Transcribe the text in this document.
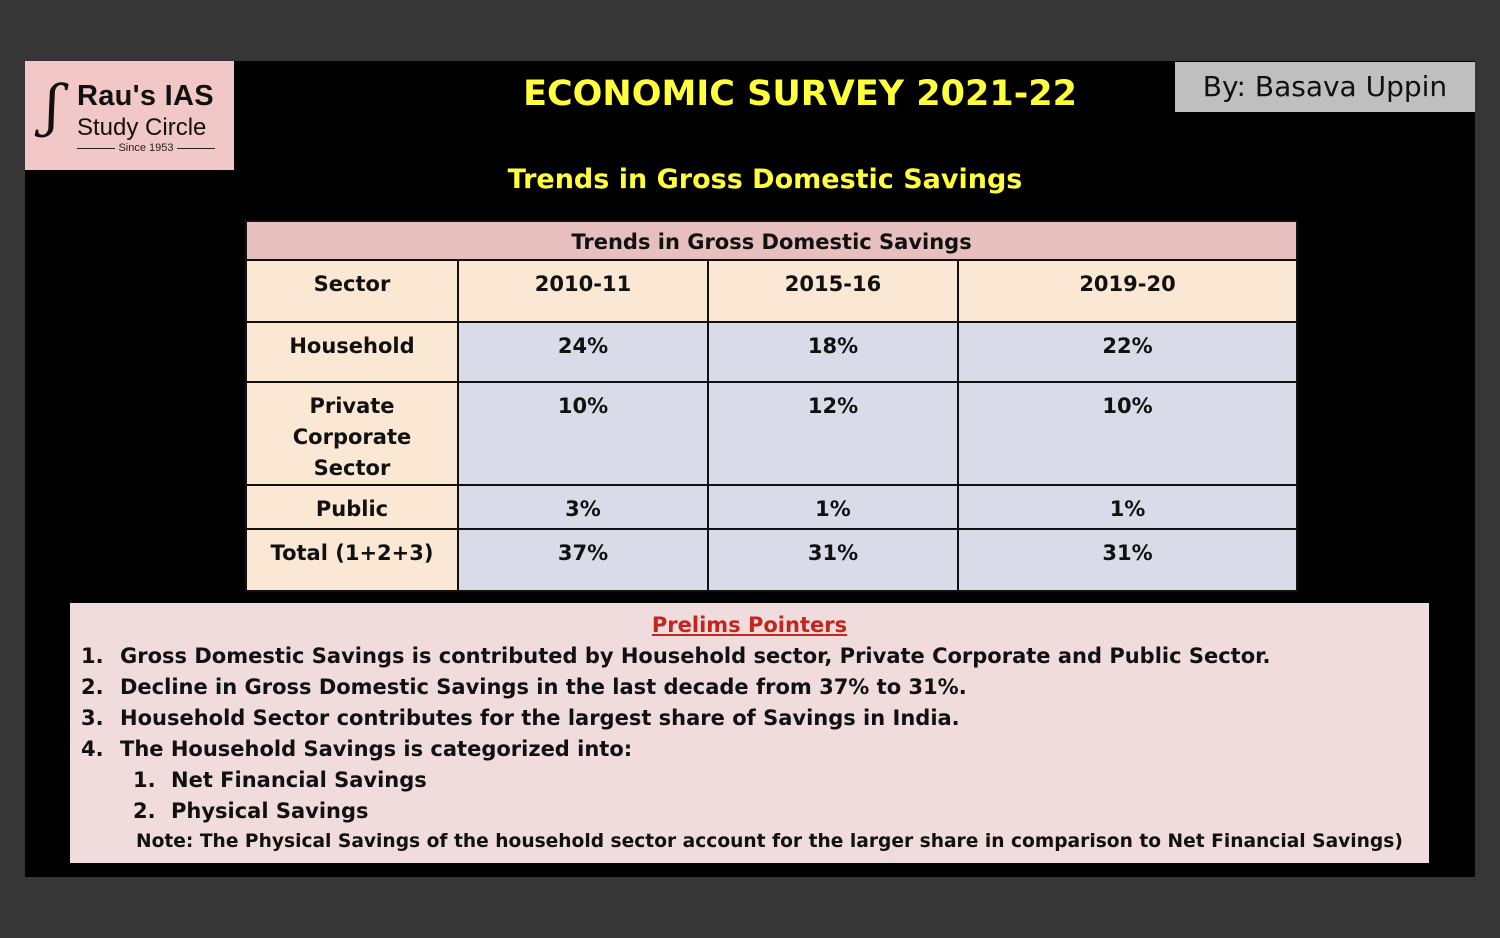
ʃ Rau's IAS
Study Circle
Since 1953
ECONOMIC SURVEY 2021-22	By: Basava Uppin
Trends in Gross Domestic Savings
Trends in Gross Domestic Savings			
Sector	2010-11	2015-16	2019-20
Household	24%	18%	22%
Private Corporate Sector	10%	12%	10%
Public	3%	1%	1%
Total (1+2+3)	37%	31%	31%
Prelims Pointers
1. Gross Domestic Savings is contributed by Household sector, Private Corporate and Public Sector.
2. Decline in Gross Domestic Savings in the last decade from 37% to 31%.
3. Household Sector contributes for the largest share of Savings in India.
4. The Household Savings is categorized into:
1. Net Financial Savings
2. Physical Savings
Note: The Physical Savings of the household sector account for the larger share in comparison to Net Financial Savings)
